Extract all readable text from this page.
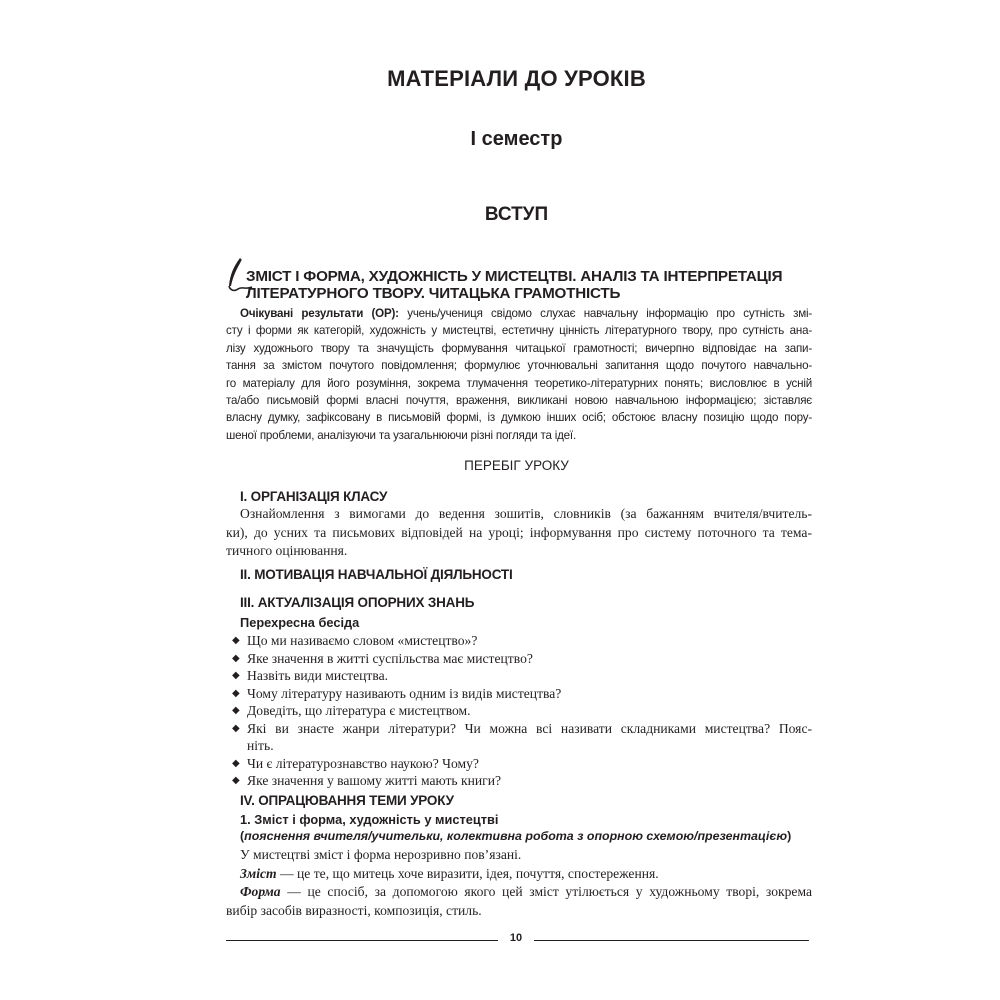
МАТЕРІАЛИ ДО УРОКІВ
І семестр
ВСТУП
ЗМІСТ І ФОРМА, ХУДОЖНІСТЬ У МИСТЕЦТВІ. АНАЛІЗ ТА ІНТЕРПРЕТАЦІЯ
ЛІТЕРАТУРНОГО ТВОРУ. ЧИТАЦЬКА ГРАМОТНІСТЬ
Очікувані результати (ОР): учень/учениця свідомо слухає навчальну інформацію про сутність змі-
сту і форми як категорій, художність у мистецтві, естетичну цінність літературного твору, про сутність ана-
лізу художнього твору та значущість формування читацької грамотності; вичерпно відповідає на запи-
тання за змістом почутого повідомлення; формулює уточнювальні запитання щодо почутого навчально-
го матеріалу для його розуміння, зокрема тлумачення теоретико-літературних понять; висловлює в усній
та/або письмовій формі власні почуття, враження, викликані новою навчальною інформацією; зіставляє
власну думку, зафіксовану в письмовій формі, із думкою інших осіб; обстоює власну позицію щодо пору-
шеної проблеми, аналізуючи та узагальнюючи різні погляди та ідеї.
ПЕРЕБІГ УРОКУ
I. ОРГАНІЗАЦІЯ КЛАСУ
Ознайомлення з вимогами до ведення зошитів, словників (за бажанням вчителя/вчитель-
ки), до усних та письмових відповідей на уроці; інформування про систему поточного та тема-
тичного оцінювання.
II. МОТИВАЦІЯ НАВЧАЛЬНОЇ ДІЯЛЬНОСТІ
III. АКТУАЛІЗАЦІЯ ОПОРНИХ ЗНАНЬ
Перехресна бесіда
◆ Що ми називаємо словом «мистецтво»?
◆ Яке значення в житті суспільства має мистецтво?
◆ Назвіть види мистецтва.
◆ Чому літературу називають одним із видів мистецтва?
◆ Доведіть, що література є мистецтвом.
◆ Які ви знаєте жанри літератури? Чи можна всі називати складниками мистецтва? Пояс-
ніть.
◆ Чи є літературознавство наукою? Чому?
◆ Яке значення у вашому житті мають книги?
IV. ОПРАЦЮВАННЯ ТЕМИ УРОКУ
1. Зміст і форма, художність у мистецтві
(пояснення вчителя/учительки, колективна робота з опорною схемою/презентацією)
У мистецтві зміст і форма нерозривно пов’язані.
Зміст — це те, що митець хоче виразити, ідея, почуття, спостереження.
Форма — це спосіб, за допомогою якого цей зміст утілюється у художньому творі, зокрема
вибір засобів виразності, композиція, стиль.
10
